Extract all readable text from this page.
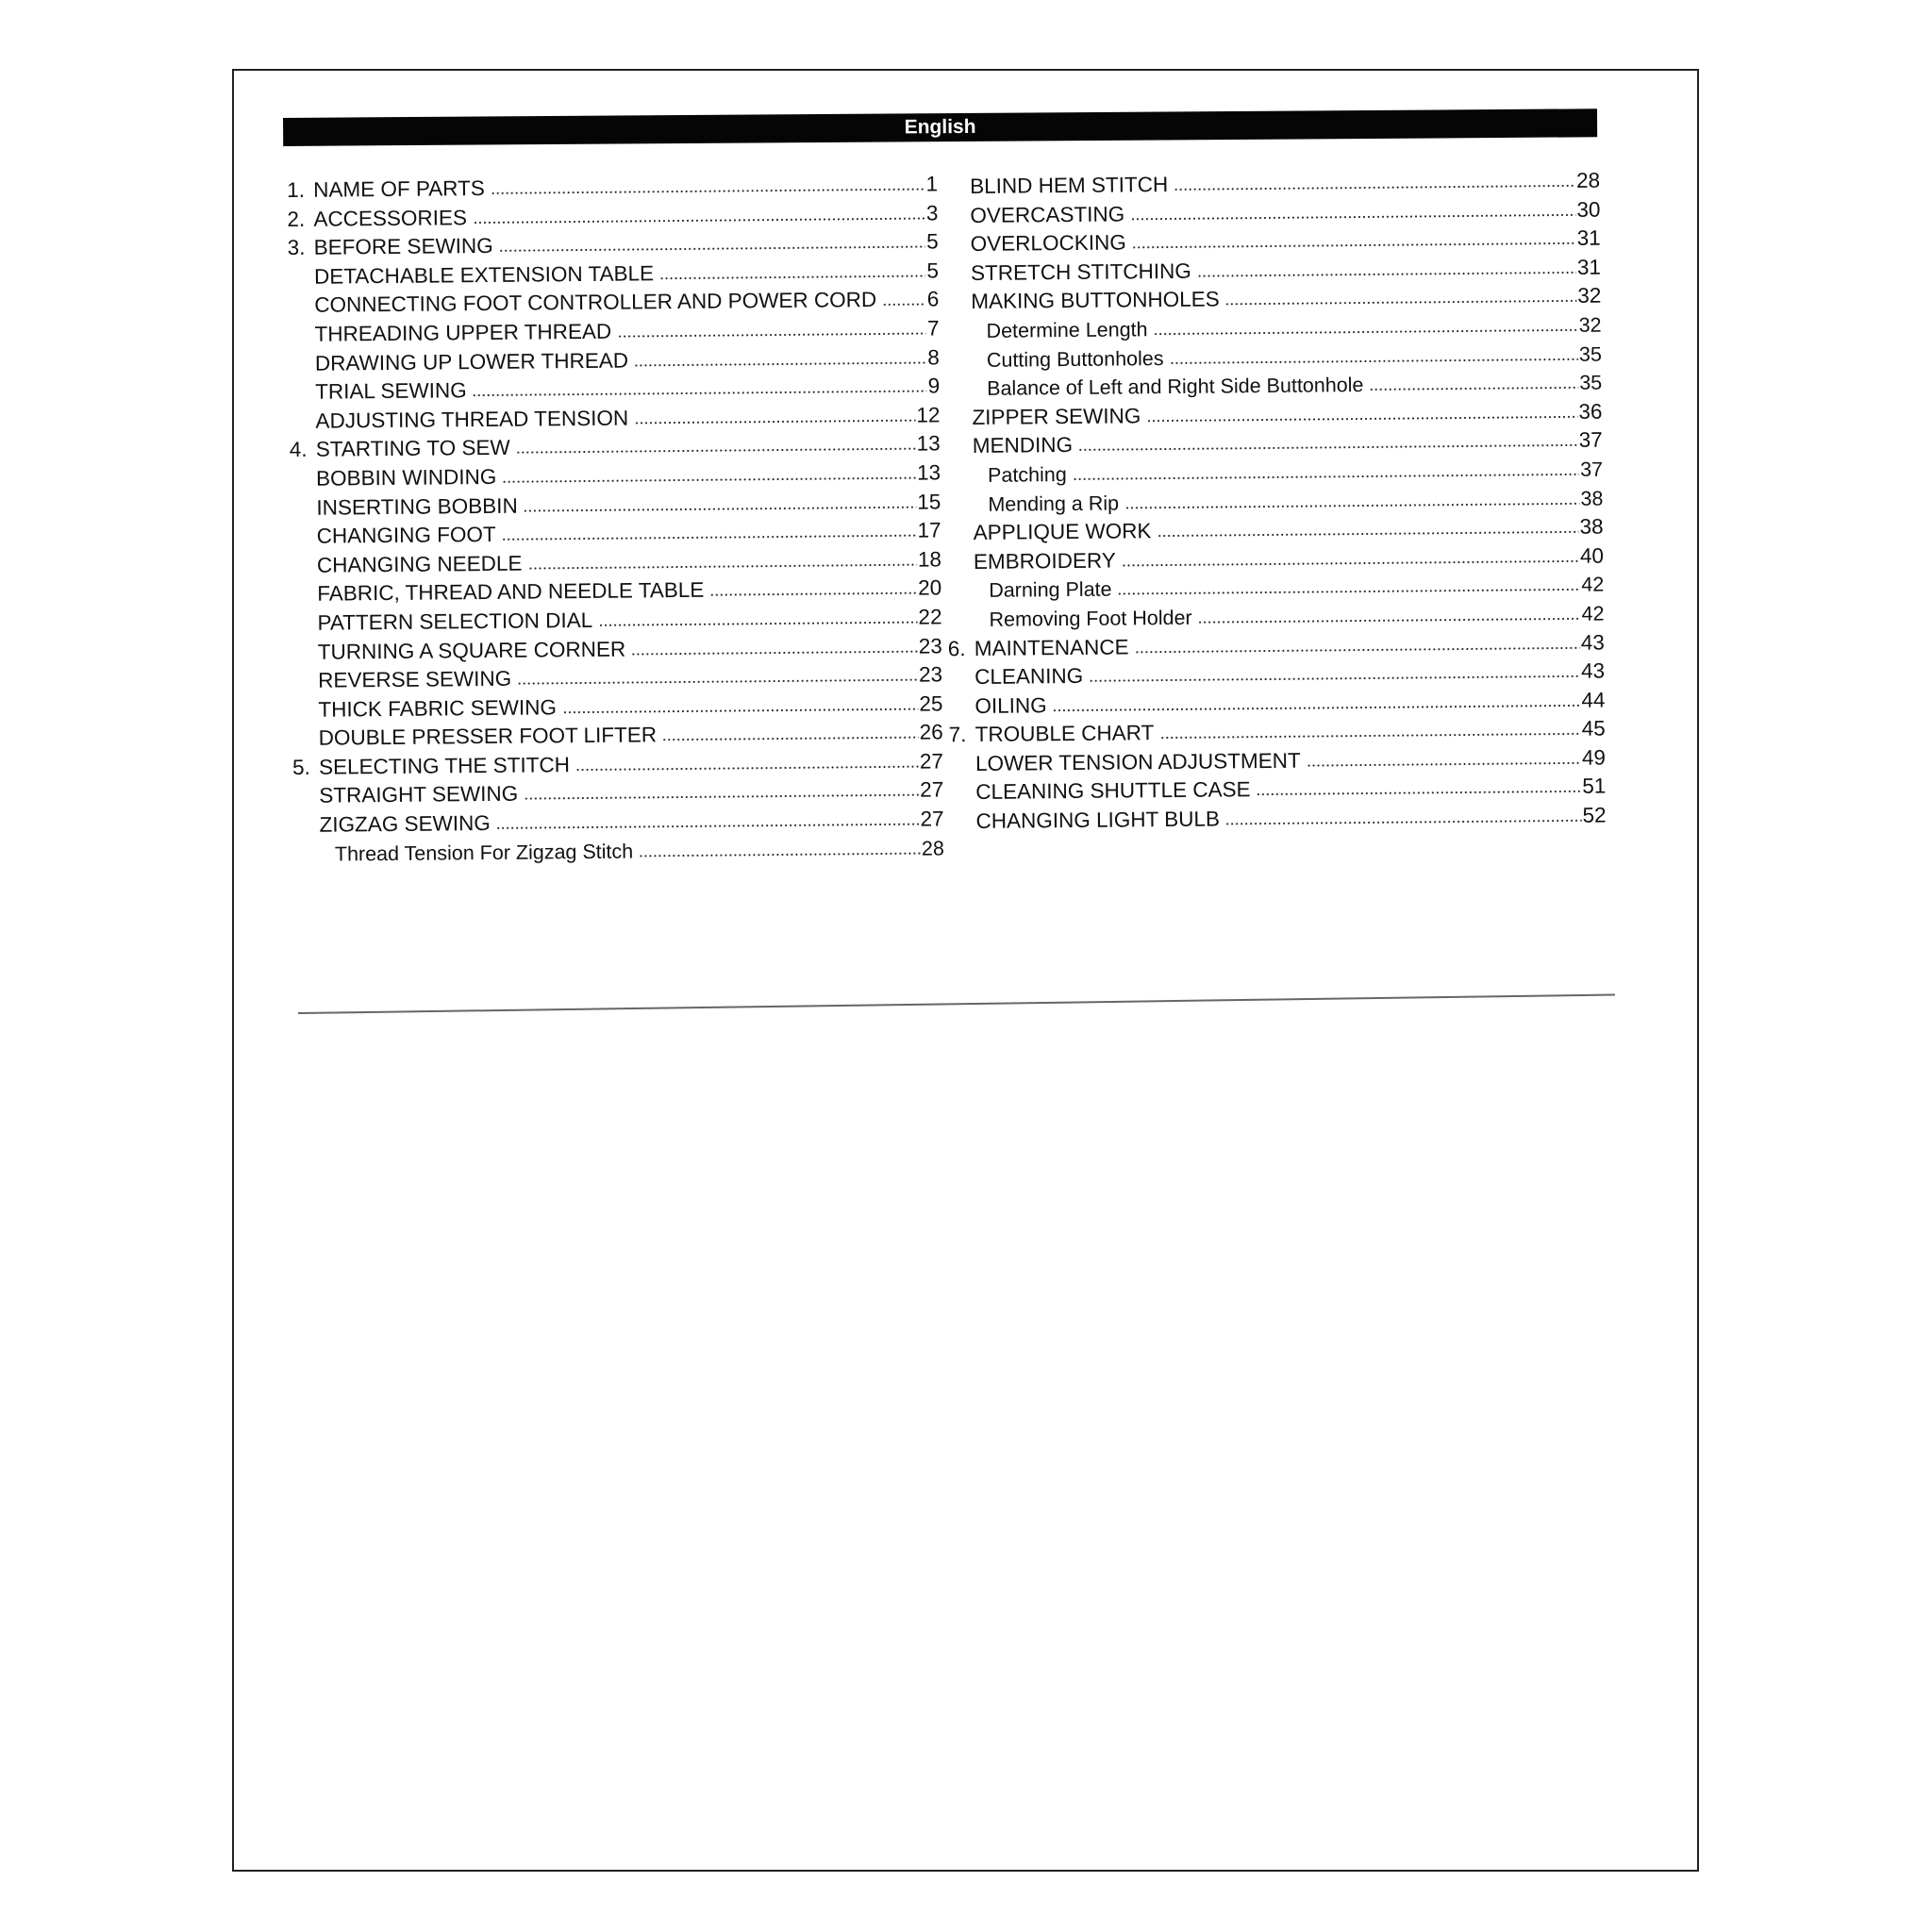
English
1. NAME OF PARTS	1
2. ACCESSORIES	3
3. BEFORE SEWING	5
DETACHABLE EXTENSION TABLE	5
CONNECTING FOOT CONTROLLER AND POWER CORD 6
THREADING UPPER THREAD	7
DRAWING UP LOWER THREAD	8
TRIAL SEWING	9
ADJUSTING THREAD TENSION	12
4. STARTING TO SEW	13
BOBBIN WINDING	13
INSERTING BOBBIN	15
CHANGING FOOT	17
CHANGING NEEDLE	18
FABRIC, THREAD AND NEEDLE TABLE	20
PATTERN SELECTION DIAL	22
TURNING A SQUARE CORNER	23
REVERSE SEWING	23
THICK FABRIC SEWING	25
DOUBLE PRESSER FOOT LIFTER	26
5. SELECTING THE STITCH	27
STRAIGHT SEWING	27
ZIGZAG SEWING	27
Thread Tension For Zigzag Stitch	28
BLIND HEM STITCH	28
OVERCASTING	30
OVERLOCKING	31
STRETCH STITCHING	31
MAKING BUTTONHOLES	32
Determine Length	32
Cutting Buttonholes	35
Balance of Left and Right Side Buttonhole	35
ZIPPER SEWING	36
MENDING	37
Patching	37
Mending a Rip	38
APPLIQUE WORK	38
EMBROIDERY	40
Darning Plate	42
Removing Foot Holder	42
6. MAINTENANCE	43
CLEANING	43
OILING	44
7. TROUBLE CHART	45
LOWER TENSION ADJUSTMENT	49
CLEANING SHUTTLE CASE	51
CHANGING LIGHT BULB	52
